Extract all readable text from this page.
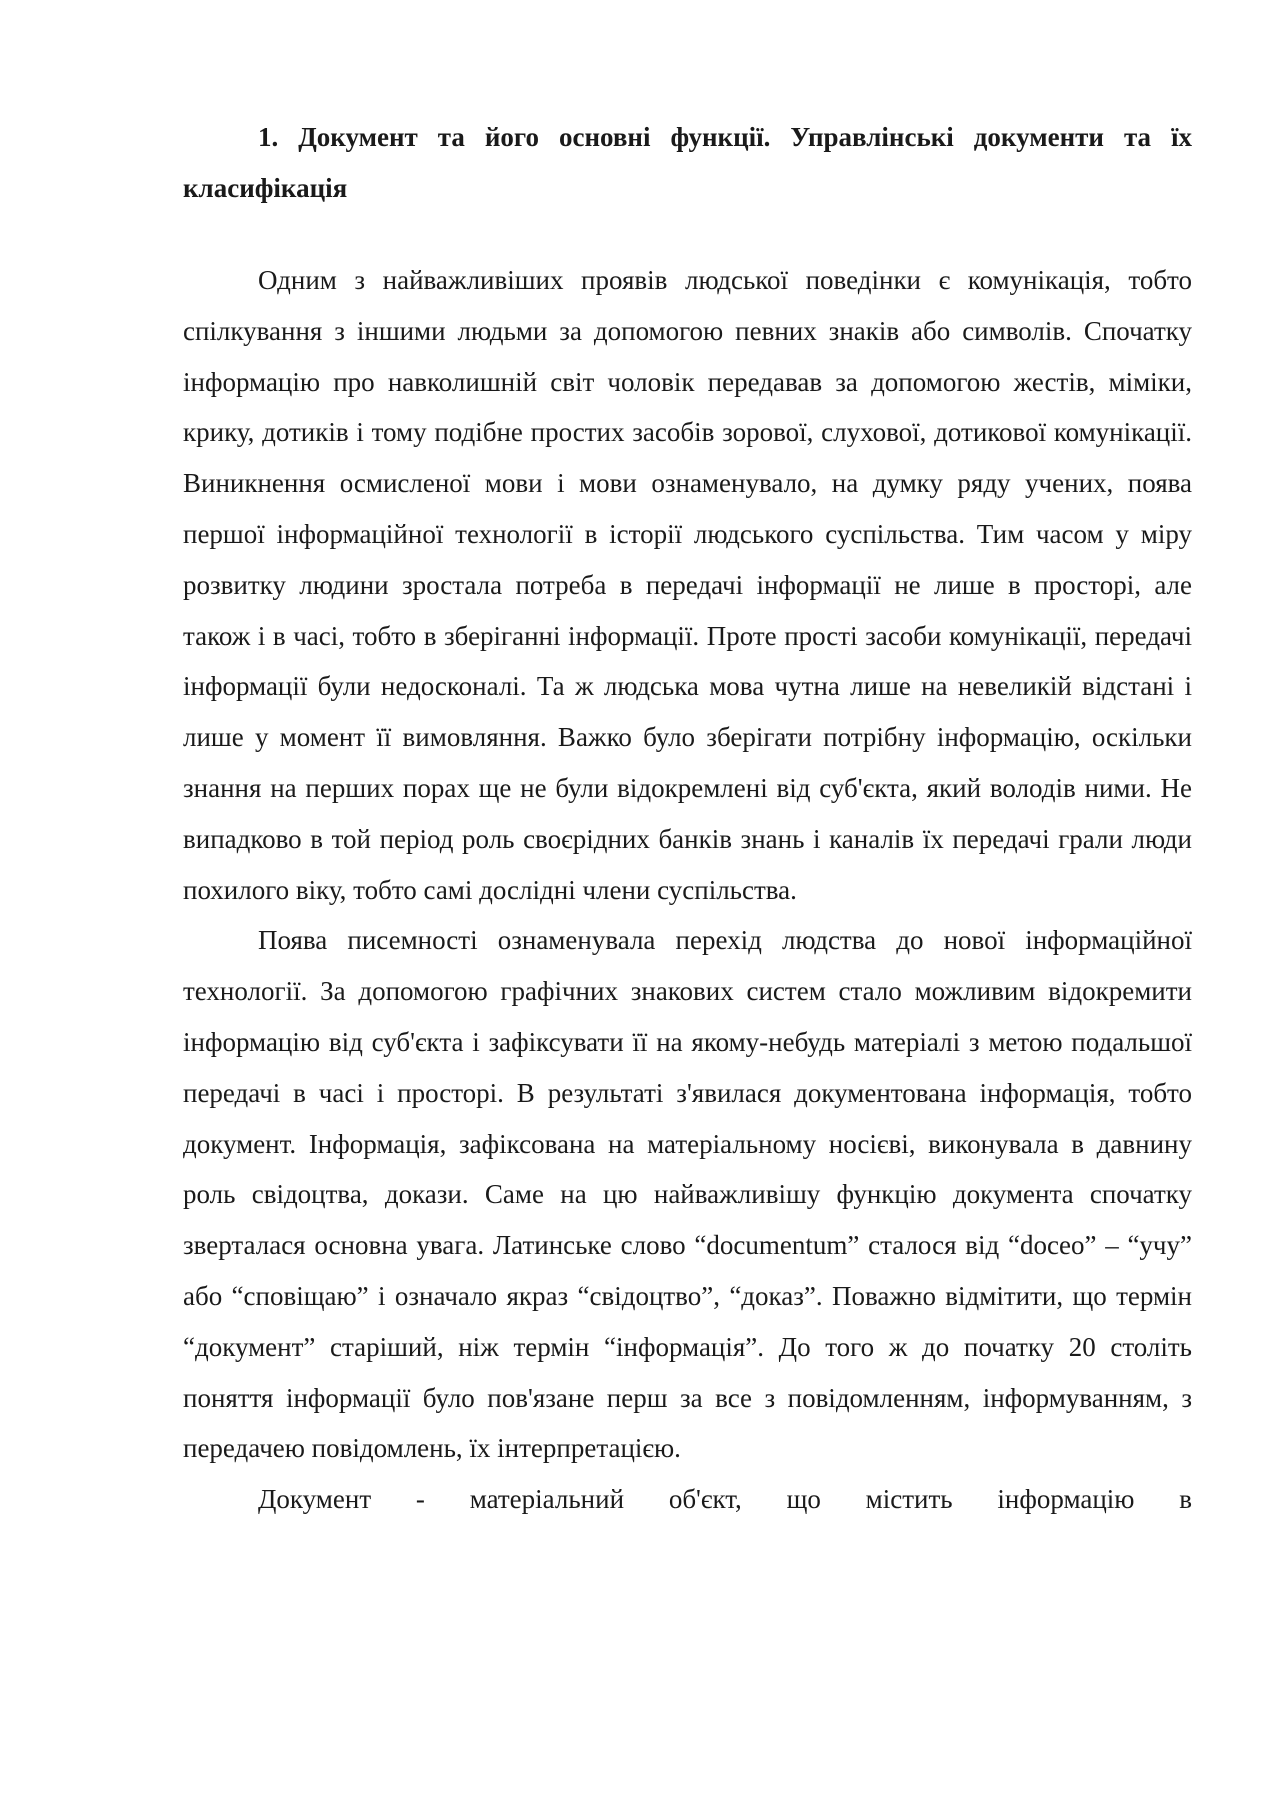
1. Документ та його основні функції. Управлінські документи та їх класифікація

Одним з найважливіших проявів людської поведінки є комунікація, тобто спілкування з іншими людьми за допомогою певних знаків або символів. Спочатку інформацію про навколишній світ чоловік передавав за допомогою жестів, міміки, крику, дотиків і тому подібне простих засобів зорової, слухової, дотикової комунікації. Виникнення осмисленої мови і мови ознаменувало, на думку ряду учених, поява першої інформаційної технології в історії людського суспільства. Тим часом у міру розвитку людини зростала потреба в передачі інформації не лише в просторі, але також і в часі, тобто в зберіганні інформації. Проте прості засоби комунікації, передачі інформації були недосконалі. Та ж людська мова чутна лише на невеликій відстані і лише у момент її вимовляння. Важко було зберігати потрібну інформацію, оскільки знання на перших порах ще не були відокремлені від суб'єкта, який володів ними. Не випадково в той період роль своєрідних банків знань і каналів їх передачі грали люди похилого віку, тобто самі дослідні члени суспільства.

Поява писемності ознаменувала перехід людства до нової інформаційної технології. За допомогою графічних знакових систем стало можливим відокремити інформацію від суб'єкта і зафіксувати її на якому-небудь матеріалі з метою подальшої передачі в часі і просторі. В результаті з'явилася документована інформація, тобто документ. Інформація, зафіксована на матеріальному носієві, виконувала в давнину роль свідоцтва, докази. Саме на цю найважливішу функцію документа спочатку зверталася основна увага. Латинське слово “documentum” сталося від “doceo” – “учу” або “сповіщаю” і означало якраз “свідоцтво”, “доказ”. Поважно відмітити, що термін “документ” старіший, ніж термін “інформація”. До того ж до початку 20 століть поняття інформації було пов'язане перш за все з повідомленням, інформуванням, з передачею повідомлень, їх інтерпретацією.

Документ - матеріальний об'єкт, що містить інформацію в
